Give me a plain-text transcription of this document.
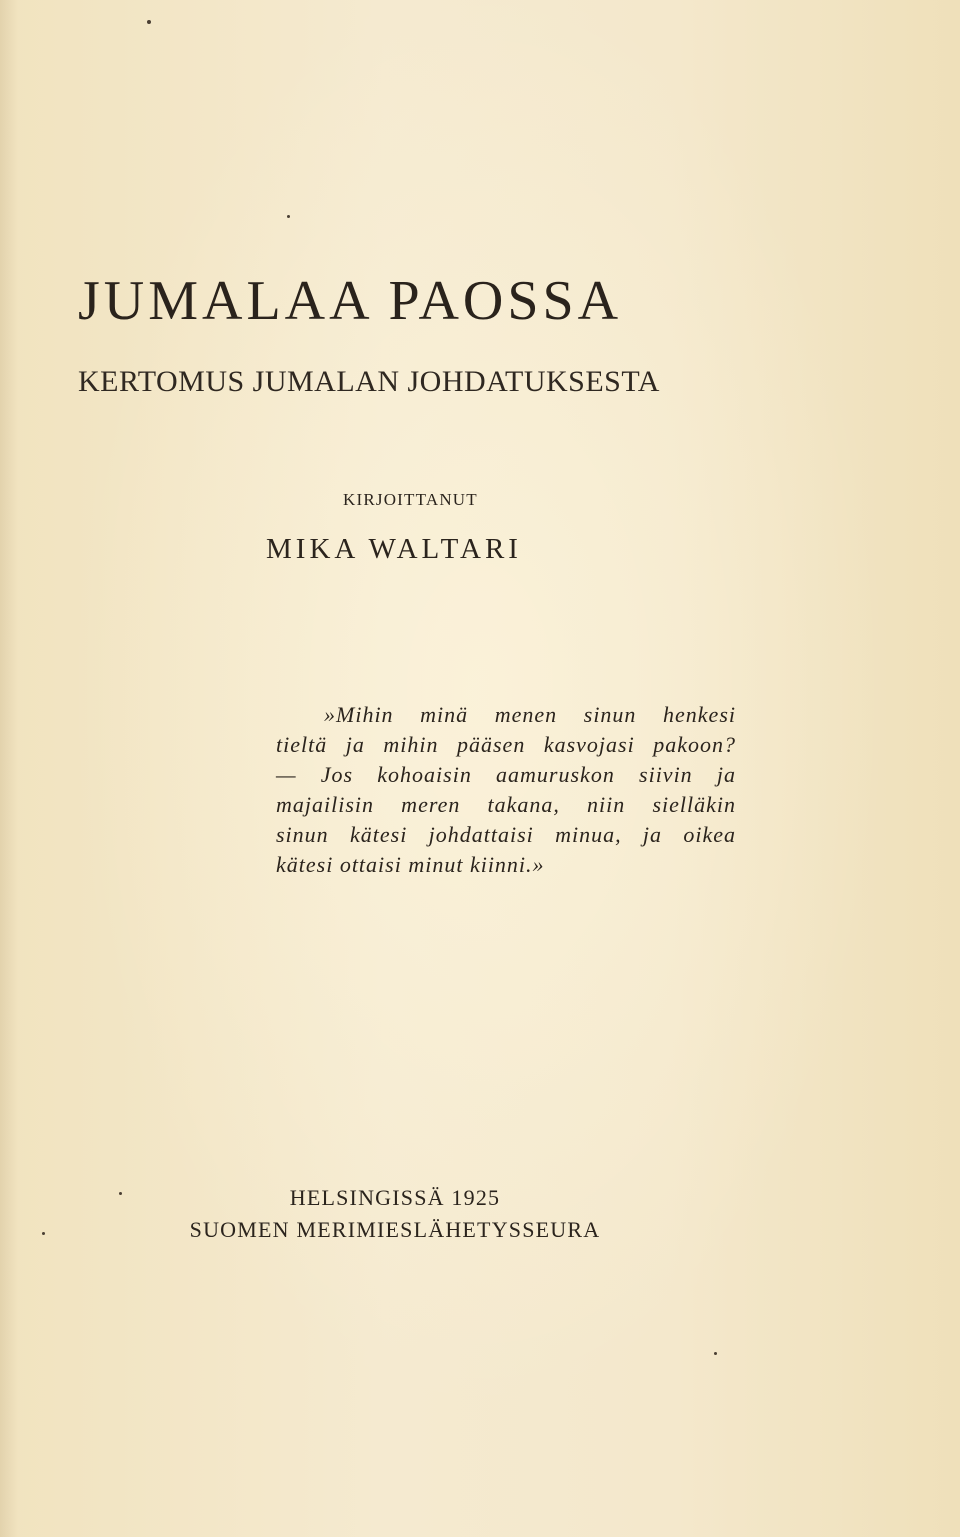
JUMALAA PAOSSA
KERTOMUS JUMALAN JOHDATUKSESTA
KIRJOITTANUT
MIKA WALTARI
»Mihin minä menen sinun henkesi
tieltä ja mihin pääsen kasvojasi pakoon?
— Jos kohoaisin aamuruskon siivin ja
majailisin meren takana, niin sielläkin
sinun kätesi johdattaisi minua, ja oikea
kätesi ottaisi minut kiinni.»
HELSINGISSÄ 1925
SUOMEN MERIMIESLÄHETYSSEURA
